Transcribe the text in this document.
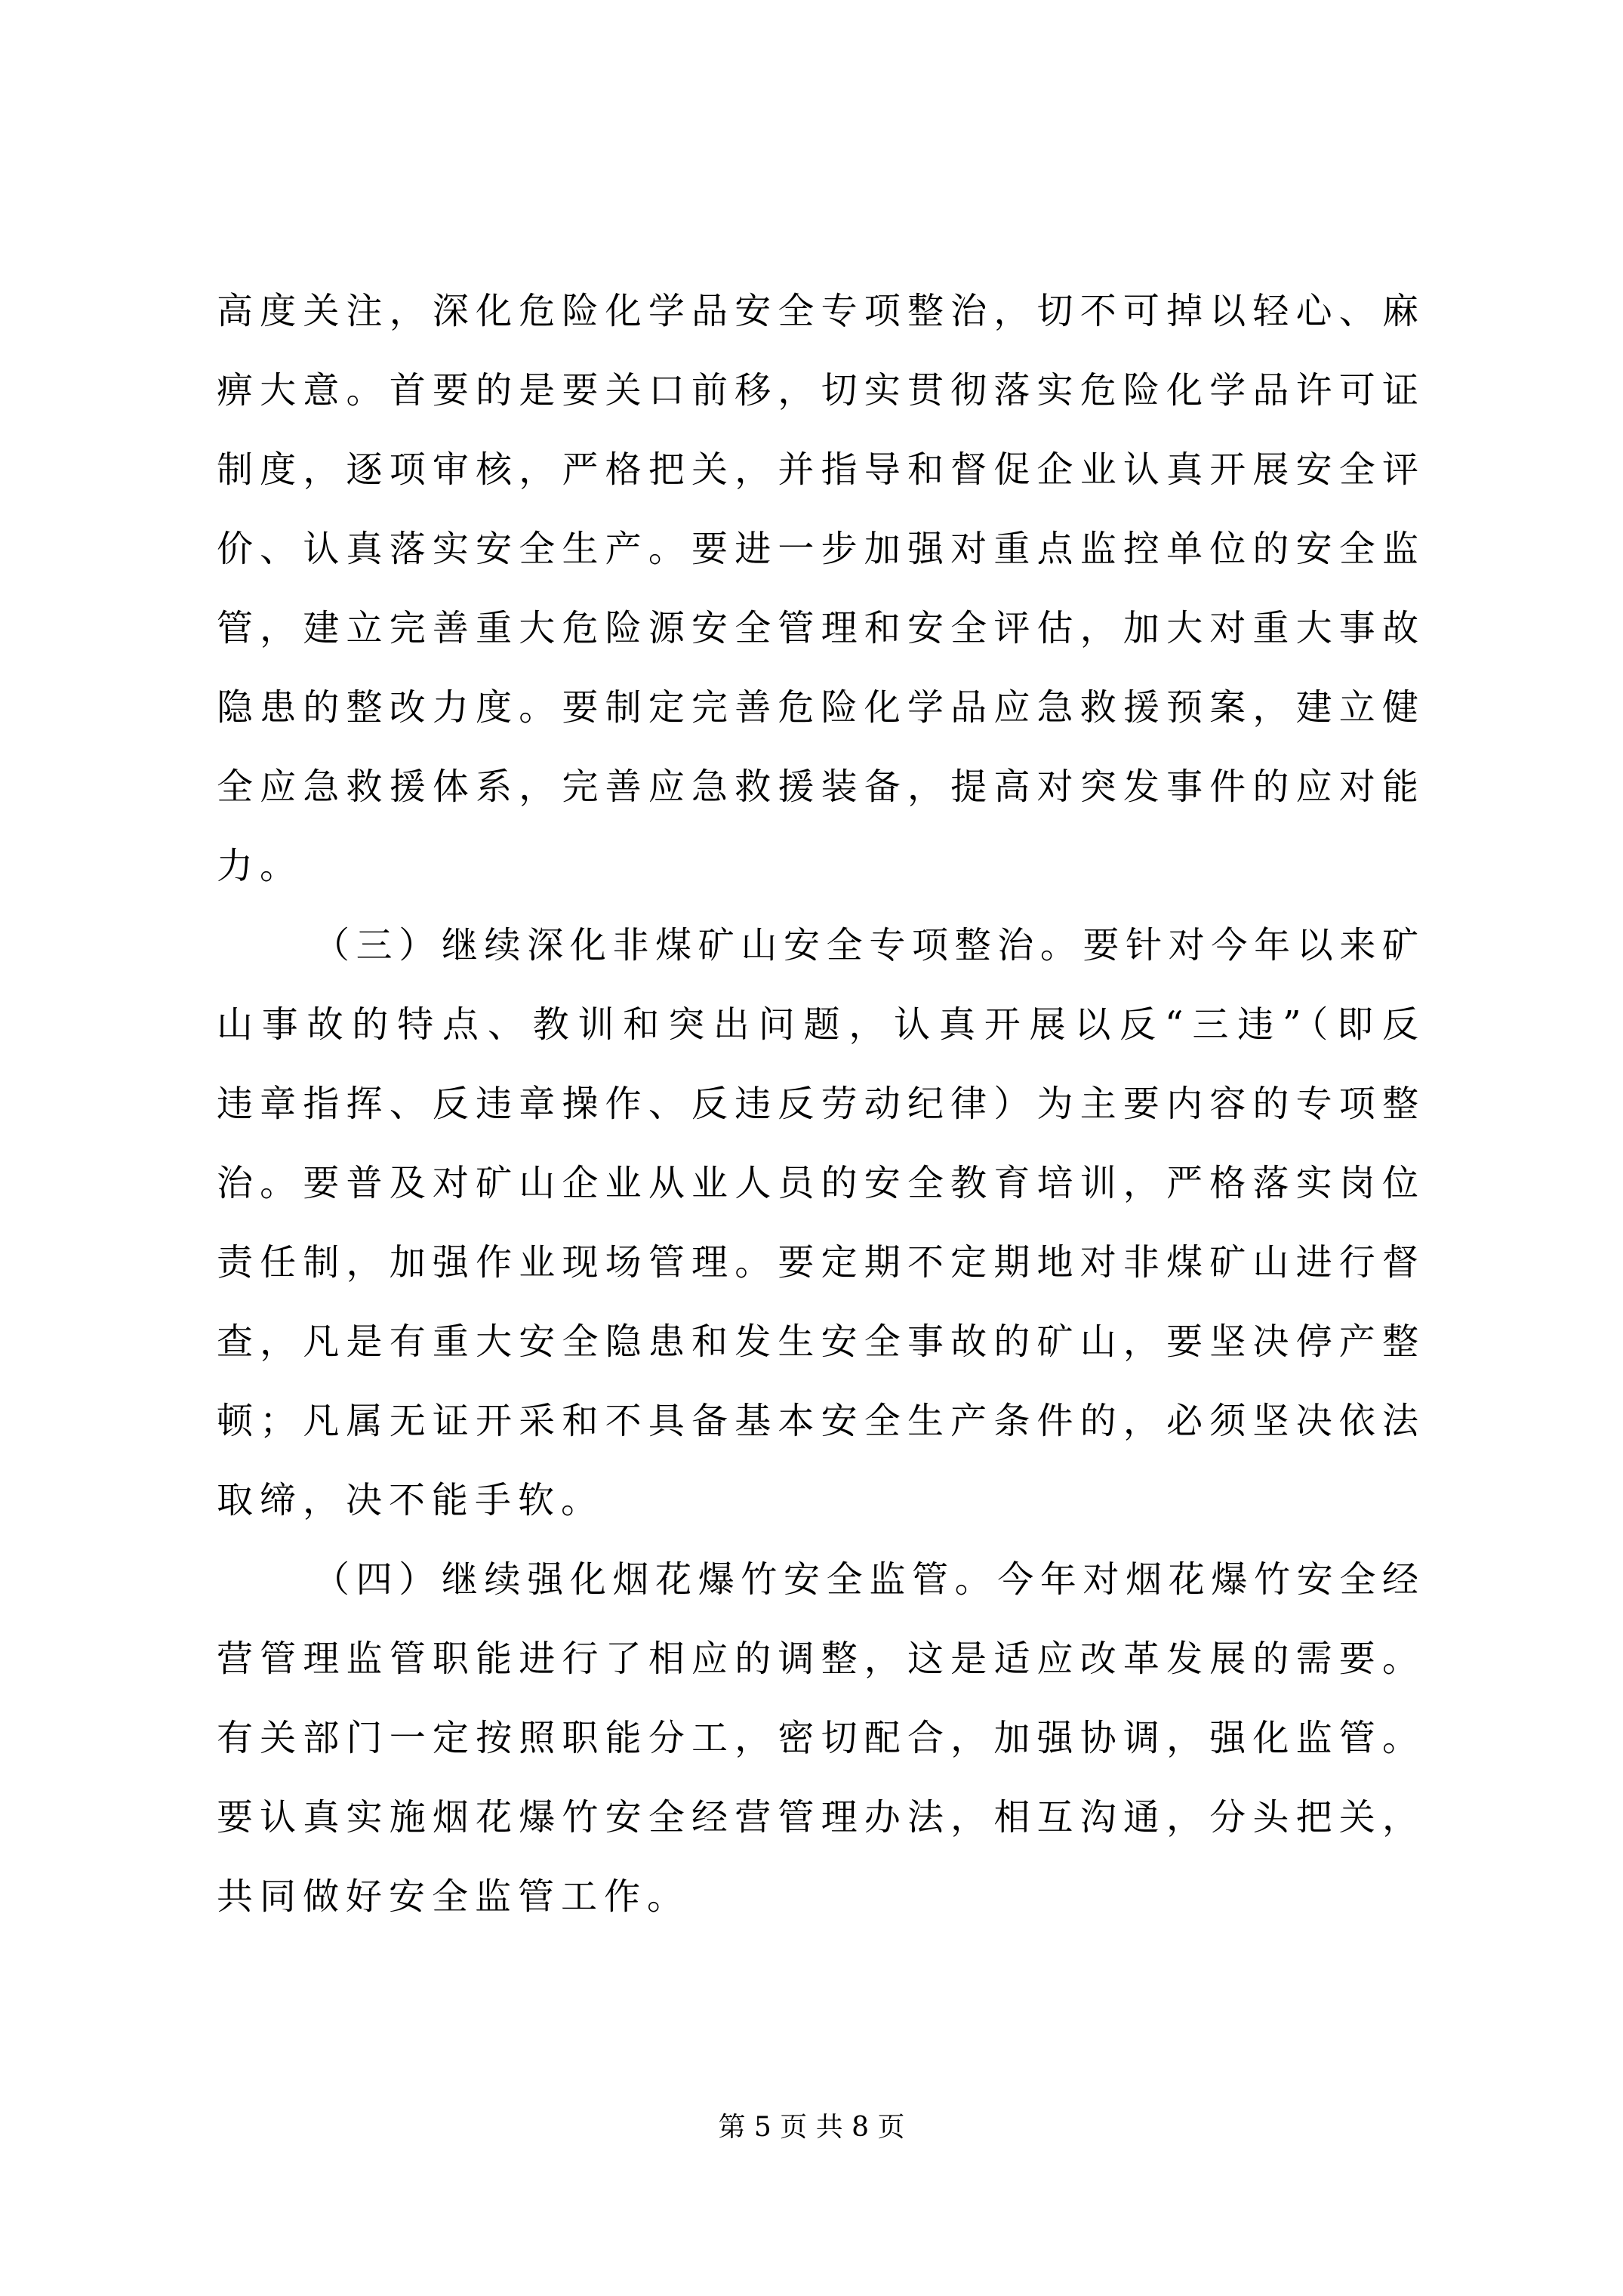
高度关注，深化危险化学品安全专项整治，切不可掉以轻心、麻
痹大意。首要的是要关口前移，切实贯彻落实危险化学品许可证
制度，逐项审核，严格把关，并指导和督促企业认真开展安全评
价、认真落实安全生产。要进一步加强对重点监控单位的安全监
管，建立完善重大危险源安全管理和安全评估，加大对重大事故
隐患的整改力度。要制定完善危险化学品应急救援预案，建立健
全应急救援体系，完善应急救援装备，提高对突发事件的应对能
力。
（三）继续深化非煤矿山安全专项整治。要针对今年以来矿
山事故的特点、教训和突出问题，认真开展以反“三违”（即反
违章指挥、反违章操作、反违反劳动纪律）为主要内容的专项整
治。要普及对矿山企业从业人员的安全教育培训，严格落实岗位
责任制，加强作业现场管理。要定期不定期地对非煤矿山进行督
查，凡是有重大安全隐患和发生安全事故的矿山，要坚决停产整
顿；凡属无证开采和不具备基本安全生产条件的，必须坚决依法
取缔，决不能手软。
（四）继续强化烟花爆竹安全监管。今年对烟花爆竹安全经
营管理监管职能进行了相应的调整，这是适应改革发展的需要。
有关部门一定按照职能分工，密切配合，加强协调，强化监管。
要认真实施烟花爆竹安全经营管理办法，相互沟通，分头把关，
共同做好安全监管工作。
第 5 页 共 8 页
